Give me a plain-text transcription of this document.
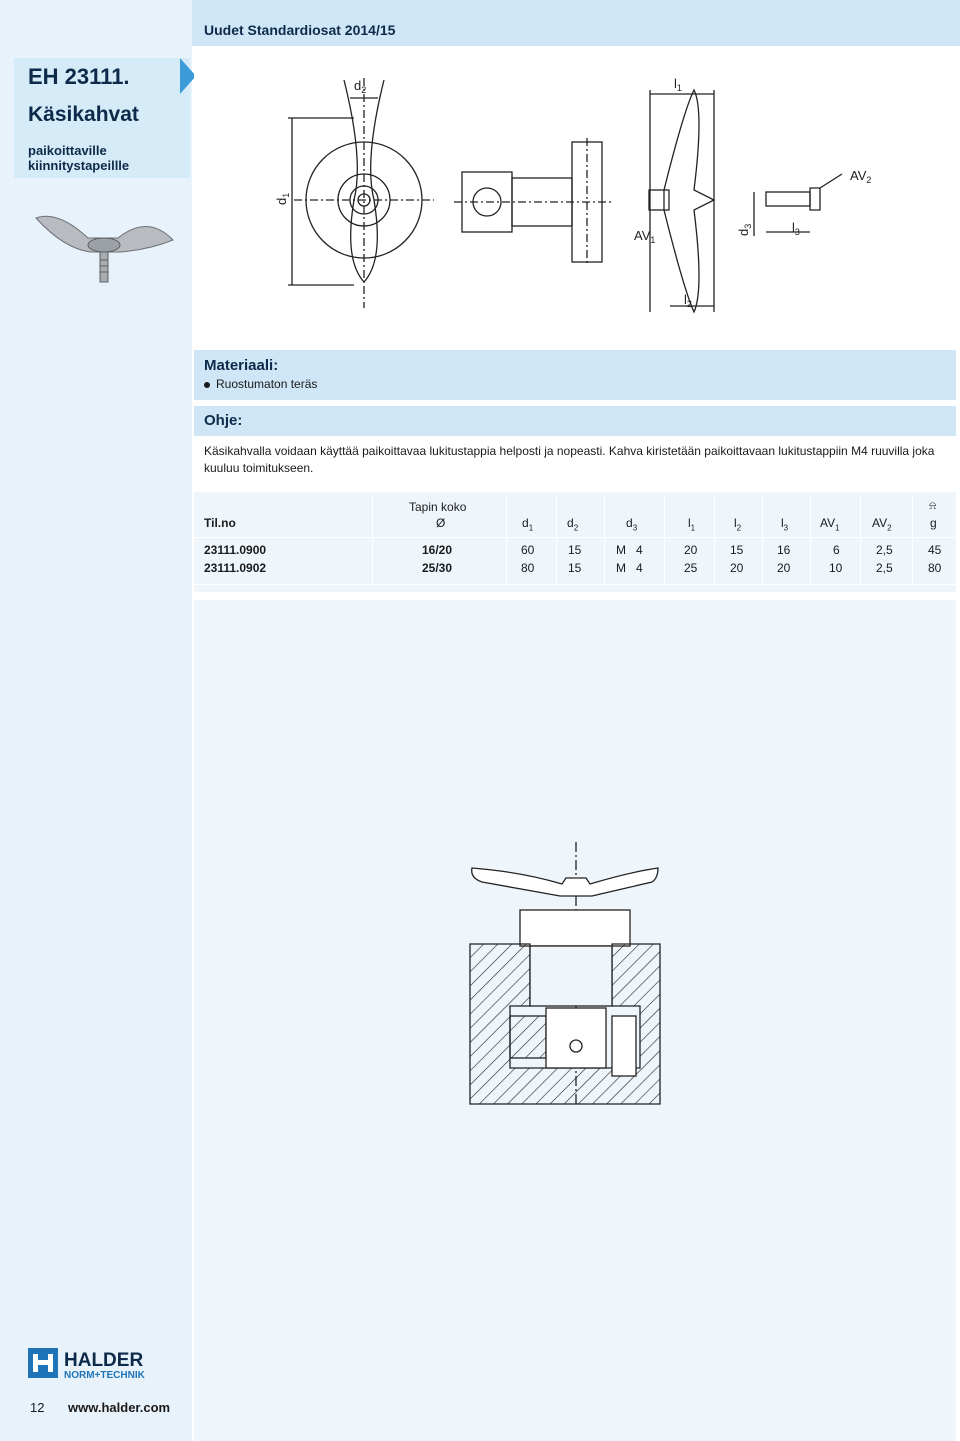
Uudet Standardiosat 2014/15
EH 23111.
Käsikahvat
paikoittaville
kiinnitystapeillle
$d_1$
$d_2$	$l_1$
$l_2$
$AV_1$
$d_3$	$l_3$
$AV_2$
Materiaali:
Ruostumaton teräs
Ohje:
Käsikahvalla voidaan käyttää paikoittavaa lukitustappia helposti ja nopeasti. Kahva kiristetään paikoittavaan lukitustappiin M4 ruuvilla joka kuuluu toimitukseen.
Til.no
Tapin koko
Ø	$d_1$	$d_2$	$d_3$	$l_1$	$l_2$	$l_3$	$AV_1$	$AV_2$
⍾
g
23111.0900	16/20	60	15	M   4	20	15	16	6	2,5	45
23111.0902	25/30	80	15	M   4	25	20	20	10	2,5	80
HALDER
NORM+TECHNIK
12 www.halder.com
